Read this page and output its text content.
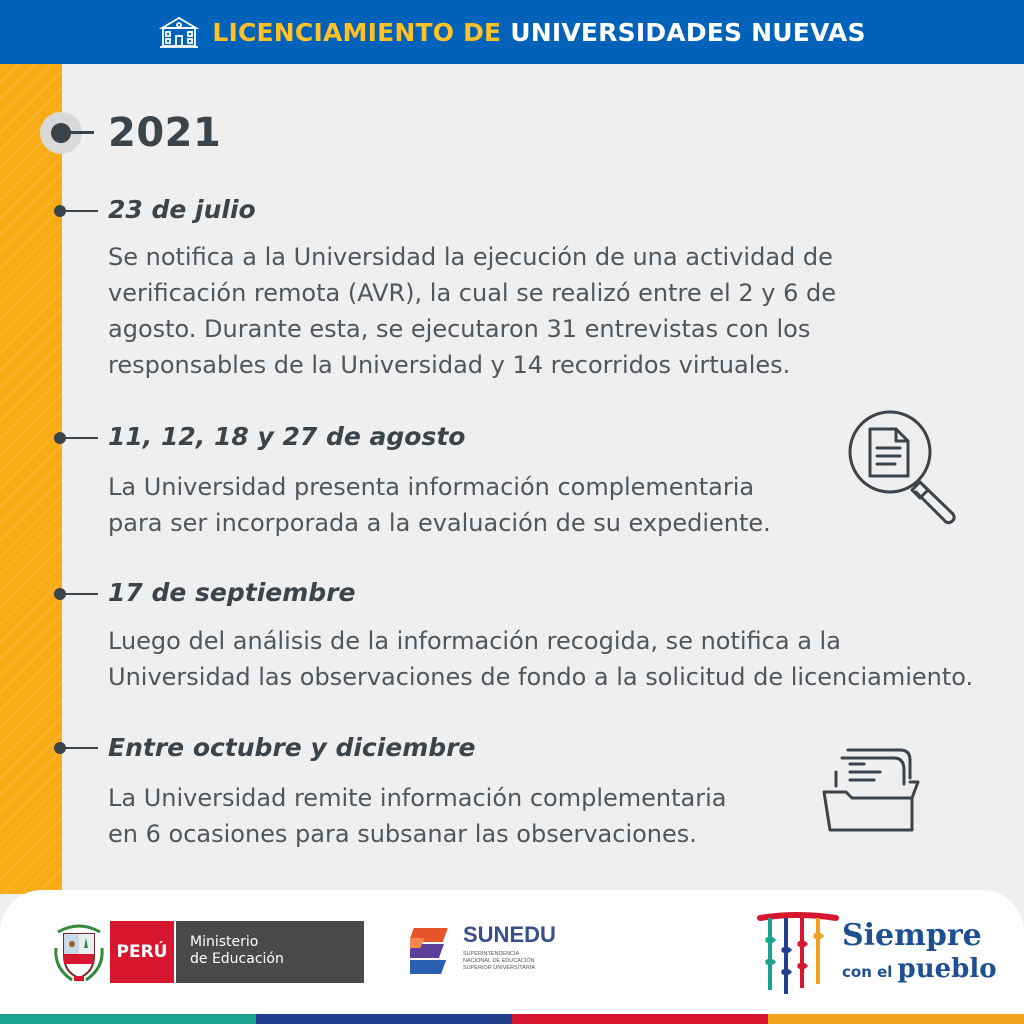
LICENCIAMIENTO DE UNIVERSIDADES NUEVAS
2021
23 de julio
Se notifica a la Universidad la ejecución de una actividad de
verificación remota (AVR), la cual se realizó entre el 2 y 6 de
agosto. Durante esta, se ejecutaron 31 entrevistas con los
responsables de la Universidad y 14 recorridos virtuales.
11, 12, 18 y 27 de agosto
La Universidad presenta información complementaria
para ser incorporada a la evaluación de su expediente.
17 de septiembre
Luego del análisis de la información recogida, se notifica a la
Universidad las observaciones de fondo a la solicitud de licenciamiento.
Entre octubre y diciembre
La Universidad remite información complementaria
en 6 ocasiones para subsanar las observaciones.
PERÚ	Ministerio
de Educación
SUNEDU
SUPERINTENDENCIA
NACIONAL DE EDUCACIÓN
SUPERIOR UNIVERSITARIA
Siempre
con el pueblo
